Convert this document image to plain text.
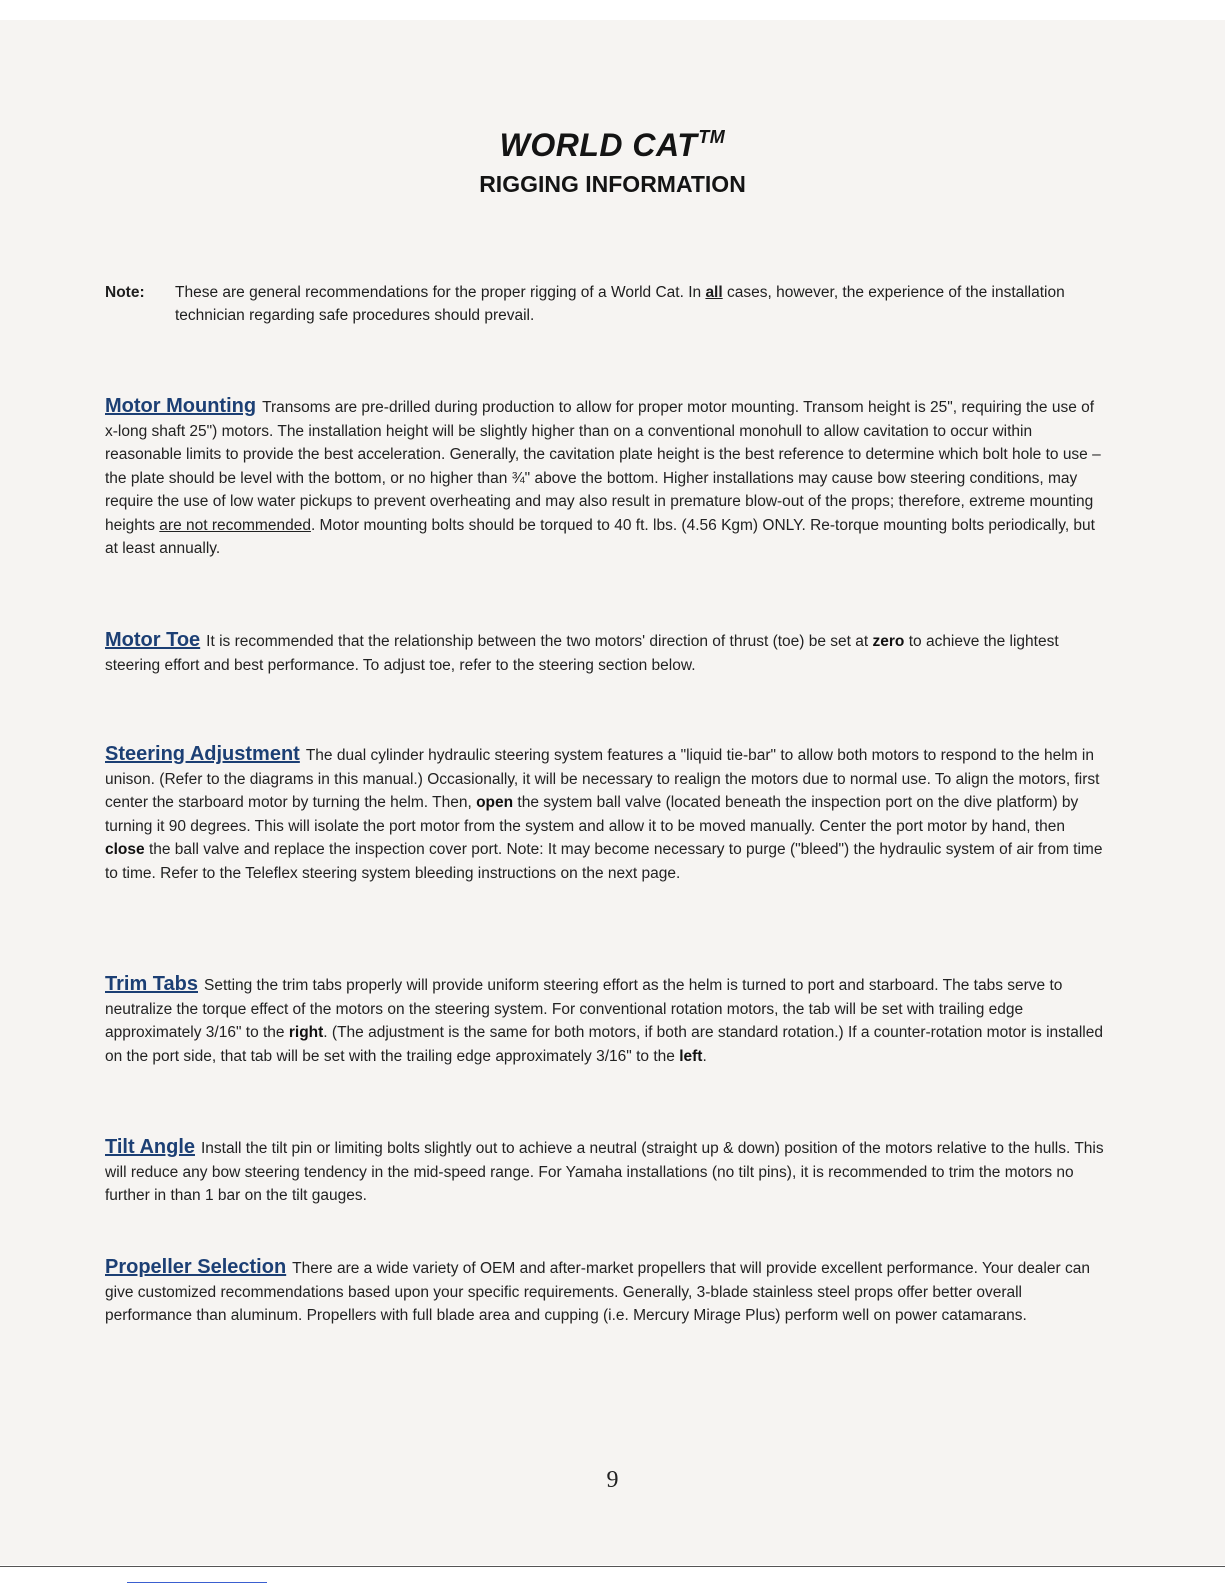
WORLD CAT™
RIGGING INFORMATION
Note: These are general recommendations for the proper rigging of a World Cat. In all cases, however, the experience of the installation technician regarding safe procedures should prevail.
Motor Mounting Transoms are pre-drilled during production to allow for proper motor mounting. Transom height is 25", requiring the use of x-long shaft 25") motors. The installation height will be slightly higher than on a conventional monohull to allow cavitation to occur within reasonable limits to provide the best acceleration. Generally, the cavitation plate height is the best reference to determine which bolt hole to use – the plate should be level with the bottom, or no higher than ¾" above the bottom. Higher installations may cause bow steering conditions, may require the use of low water pickups to prevent overheating and may also result in premature blow-out of the props; therefore, extreme mounting heights are not recommended. Motor mounting bolts should be torqued to 40 ft. lbs. (4.56 Kgm) ONLY. Re-torque mounting bolts periodically, but at least annually.
Motor Toe It is recommended that the relationship between the two motors' direction of thrust (toe) be set at zero to achieve the lightest steering effort and best performance. To adjust toe, refer to the steering section below.
Steering Adjustment The dual cylinder hydraulic steering system features a "liquid tie-bar" to allow both motors to respond to the helm in unison. (Refer to the diagrams in this manual.) Occasionally, it will be necessary to realign the motors due to normal use. To align the motors, first center the starboard motor by turning the helm. Then, open the system ball valve (located beneath the inspection port on the dive platform) by turning it 90 degrees. This will isolate the port motor from the system and allow it to be moved manually. Center the port motor by hand, then close the ball valve and replace the inspection cover port. Note: It may become necessary to purge ("bleed") the hydraulic system of air from time to time. Refer to the Teleflex steering system bleeding instructions on the next page.
Trim Tabs Setting the trim tabs properly will provide uniform steering effort as the helm is turned to port and starboard. The tabs serve to neutralize the torque effect of the motors on the steering system. For conventional rotation motors, the tab will be set with trailing edge approximately 3/16" to the right. (The adjustment is the same for both motors, if both are standard rotation.) If a counter-rotation motor is installed on the port side, that tab will be set with the trailing edge approximately 3/16" to the left.
Tilt Angle Install the tilt pin or limiting bolts slightly out to achieve a neutral (straight up & down) position of the motors relative to the hulls. This will reduce any bow steering tendency in the mid-speed range. For Yamaha installations (no tilt pins), it is recommended to trim the motors no further in than 1 bar on the tilt gauges.
Propeller Selection There are a wide variety of OEM and after-market propellers that will provide excellent performance. Your dealer can give customized recommendations based upon your specific requirements. Generally, 3-blade stainless steel props offer better overall performance than aluminum. Propellers with full blade area and cupping (i.e. Mercury Mirage Plus) perform well on power catamarans.
9
